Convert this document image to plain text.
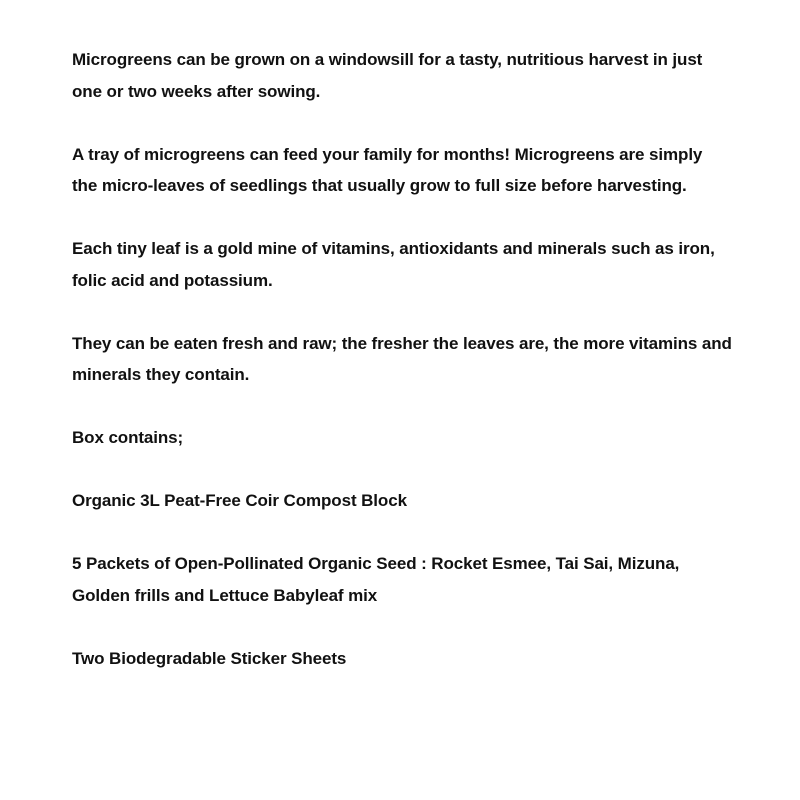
Microgreens can be grown on a windowsill for a tasty, nutritious harvest in just one or two weeks after sowing.

A tray of microgreens can feed your family for months! Microgreens are simply the micro-leaves of seedlings that usually grow to full size before harvesting.

Each tiny leaf is a gold mine of vitamins, antioxidants and minerals such as iron, folic acid and potassium.

They can be eaten fresh and raw; the fresher the leaves are, the more vitamins and minerals they contain.

Box contains;

Organic 3L Peat-Free Coir Compost Block

5 Packets of Open-Pollinated Organic Seed : Rocket Esmee, Tai Sai, Mizuna, Golden frills and Lettuce Babyleaf mix

Two Biodegradable Sticker Sheets
